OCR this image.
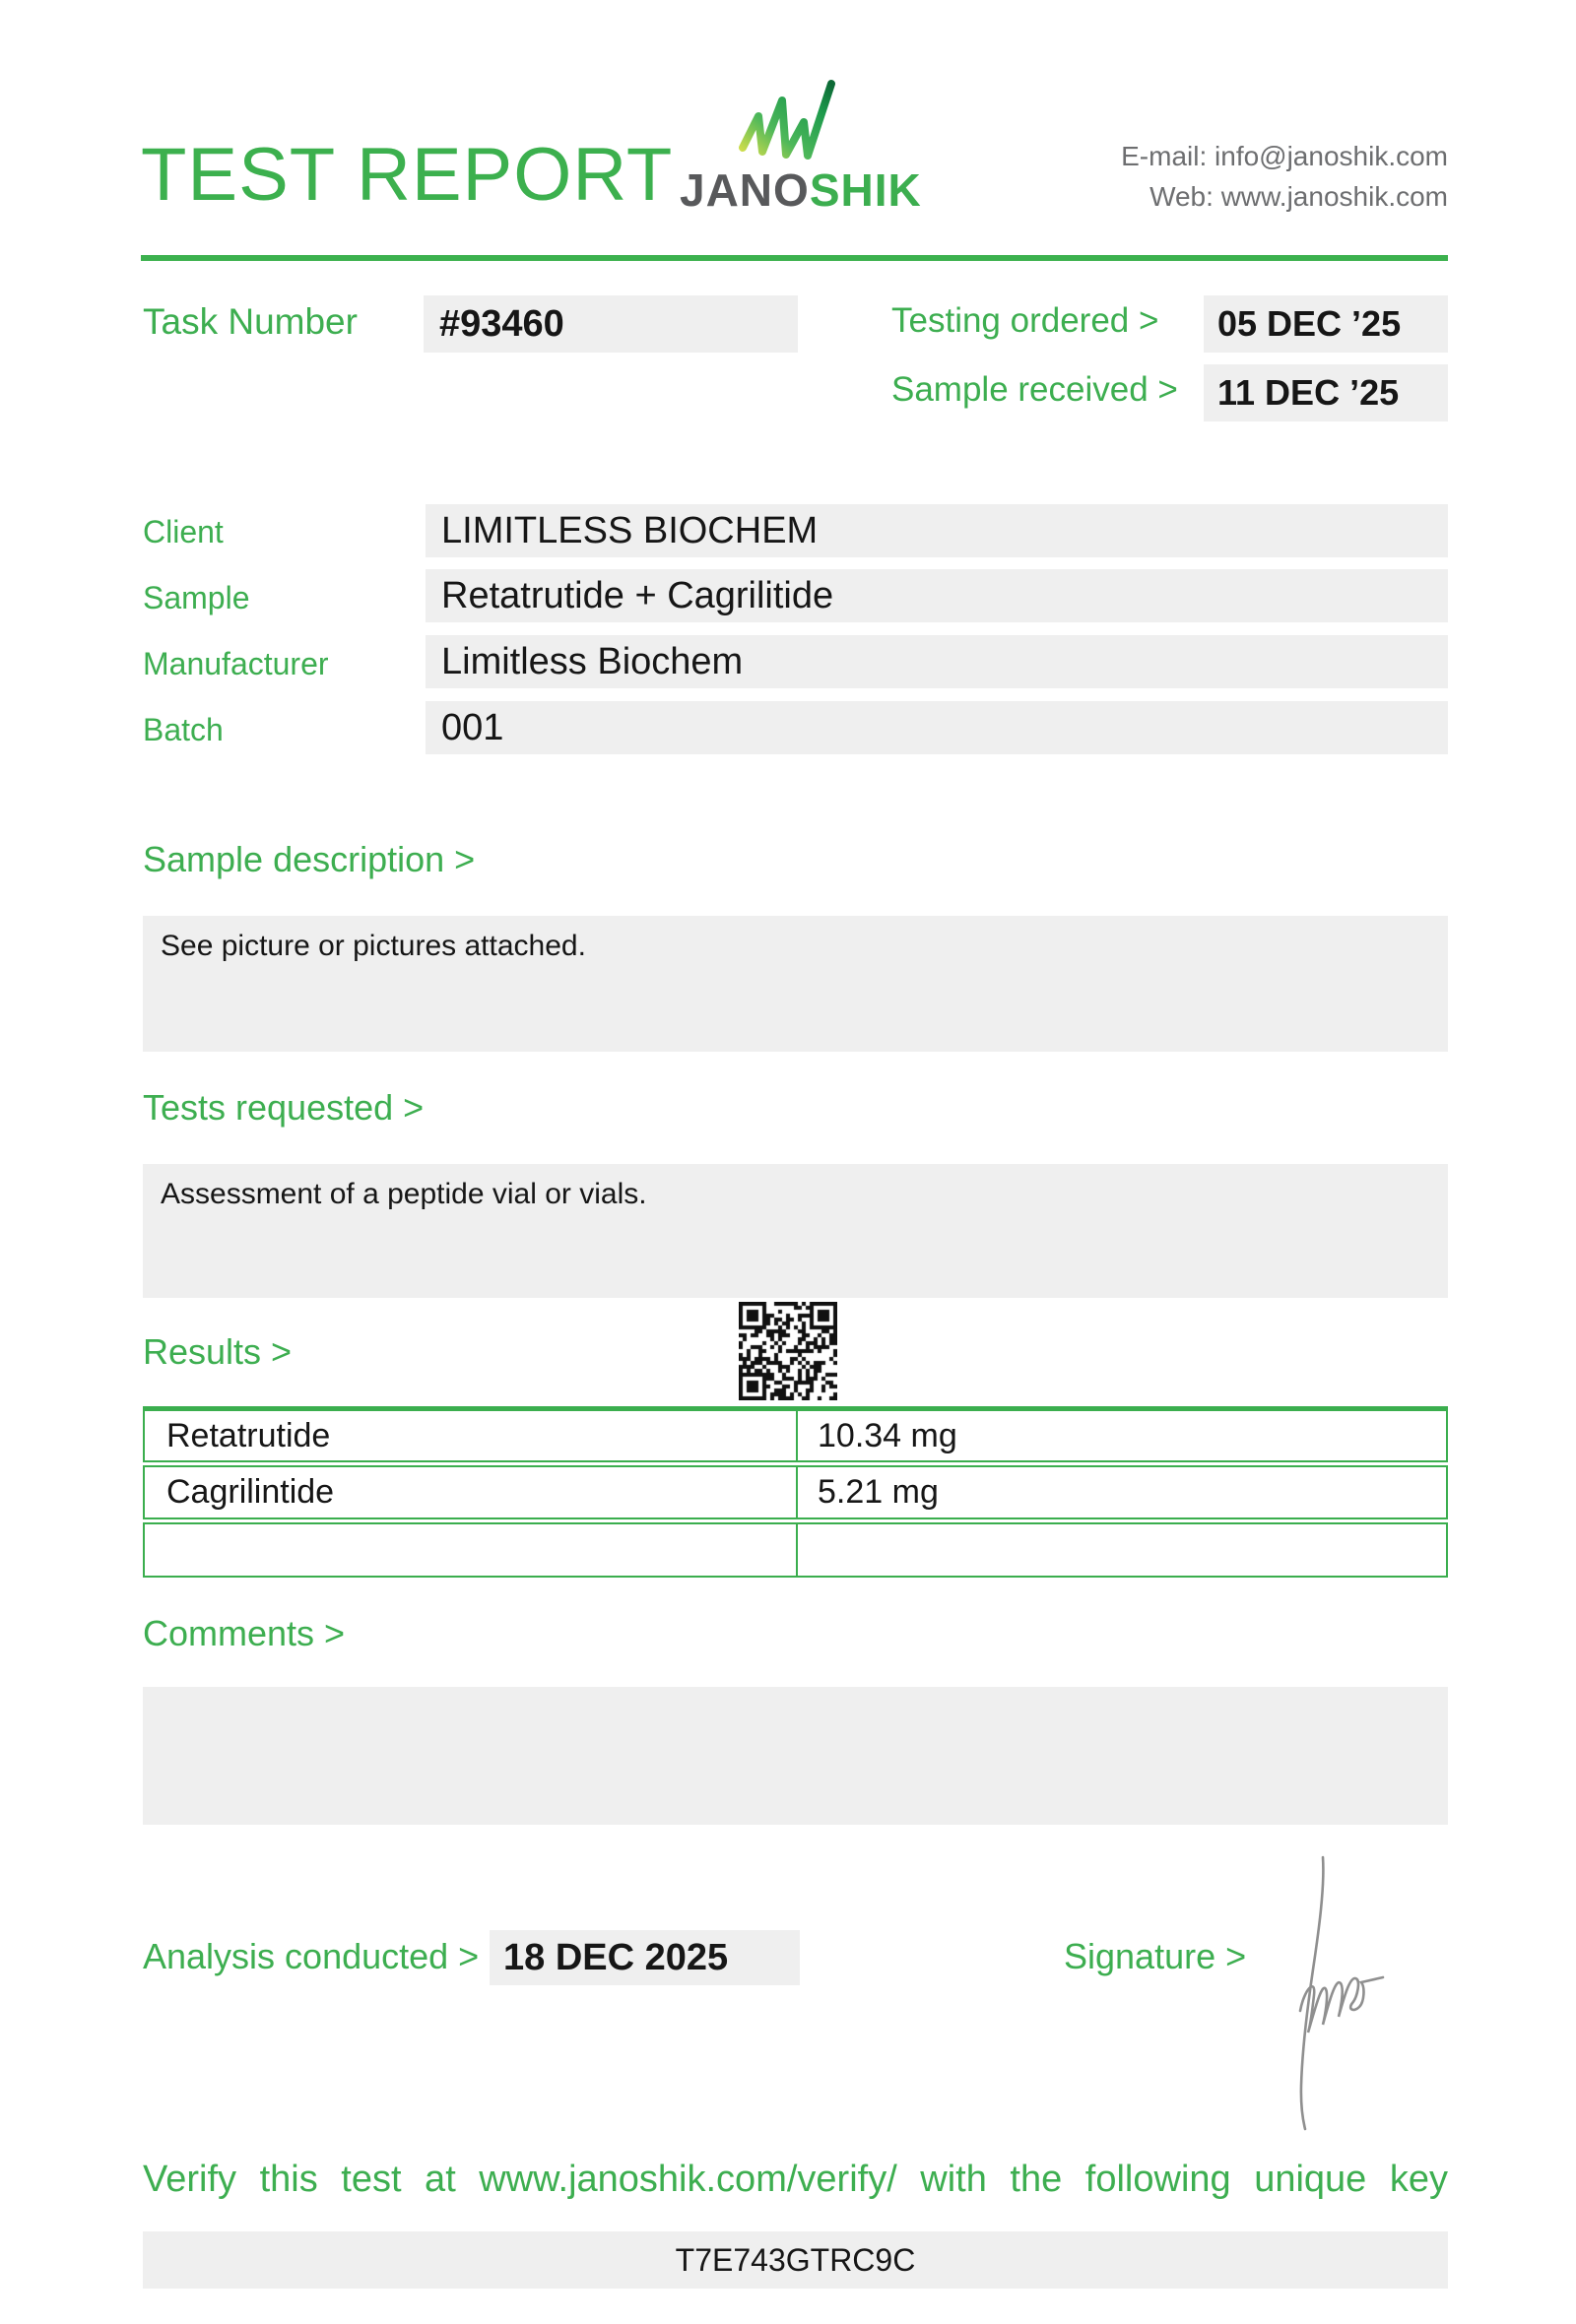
TEST REPORT JANOSHIK
E-mail: info@janoshik.com
Web: www.janoshik.com
Task Number	#93460	Testing ordered >	05 DEC ’25
Sample received >	11 DEC ’25
Client	LIMITLESS BIOCHEM
Sample	Retatrutide + Cagrilitide
Manufacturer	Limitless Biochem
Batch	001
Sample description >
See picture or pictures attached.
Tests requested >
Assessment of a peptide vial or vials.
Results >
Retatrutide	10.34 mg
Cagrilintide	5.21 mg
Comments >
Analysis conducted > 18 DEC 2025	Signature >
Verify this test at www.janoshik.com/verify/ with the following unique key
T7E743GTRC9C
